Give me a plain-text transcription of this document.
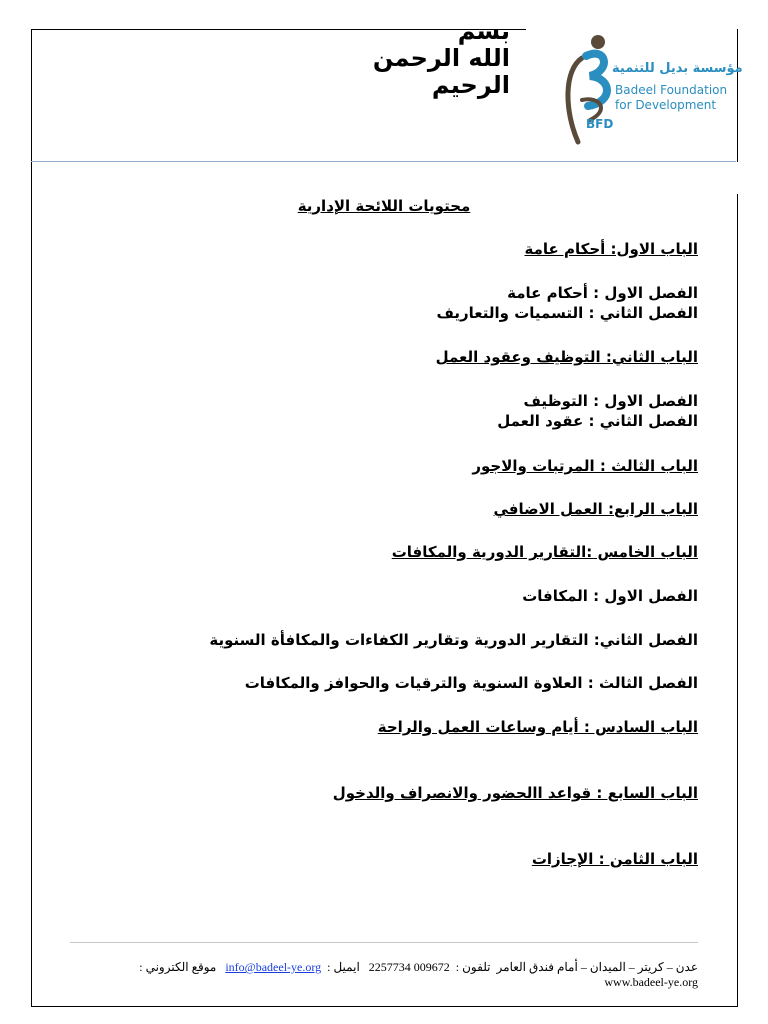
بسم
الله الرحمن
الرحيم
BFD
مؤسسة بديل للتنمية
Badeel Foundation
for Development
محتويات اللائحة الإدارية
الباب الاول: أحكام عامة
الفصل الاول : أحكام عامة
الفصل الثاني : التسميات والتعاريف
الباب الثاني: التوظيف وعقود العمل
الفصل الاول : التوظيف
الفصل الثاني : عقود العمل
الباب الثالث : المرتبات والاجور
الباب الرابع: العمل الاضافي
الباب الخامس :التقارير الدورية والمكافات
الفصل الاول : المكافات
الفصل الثاني: التقارير الدورية وتقارير الكفاءات والمكافأة السنوية
الفصل الثالث : العلاوة السنوية والترقيات والحوافز والمكافات
الباب السادس : أيام وساعات العمل والراحة
الباب السابع : قواعد االحضور والانصراف والدخول
الباب الثامن : الإجازات
عدن – كريتر – الميدان – أمام فندق العامر  تلفون :  009672 2257734   ايميل :  info@badeel-ye.org   موقع الكتروني :
www.badeel-ye.org
